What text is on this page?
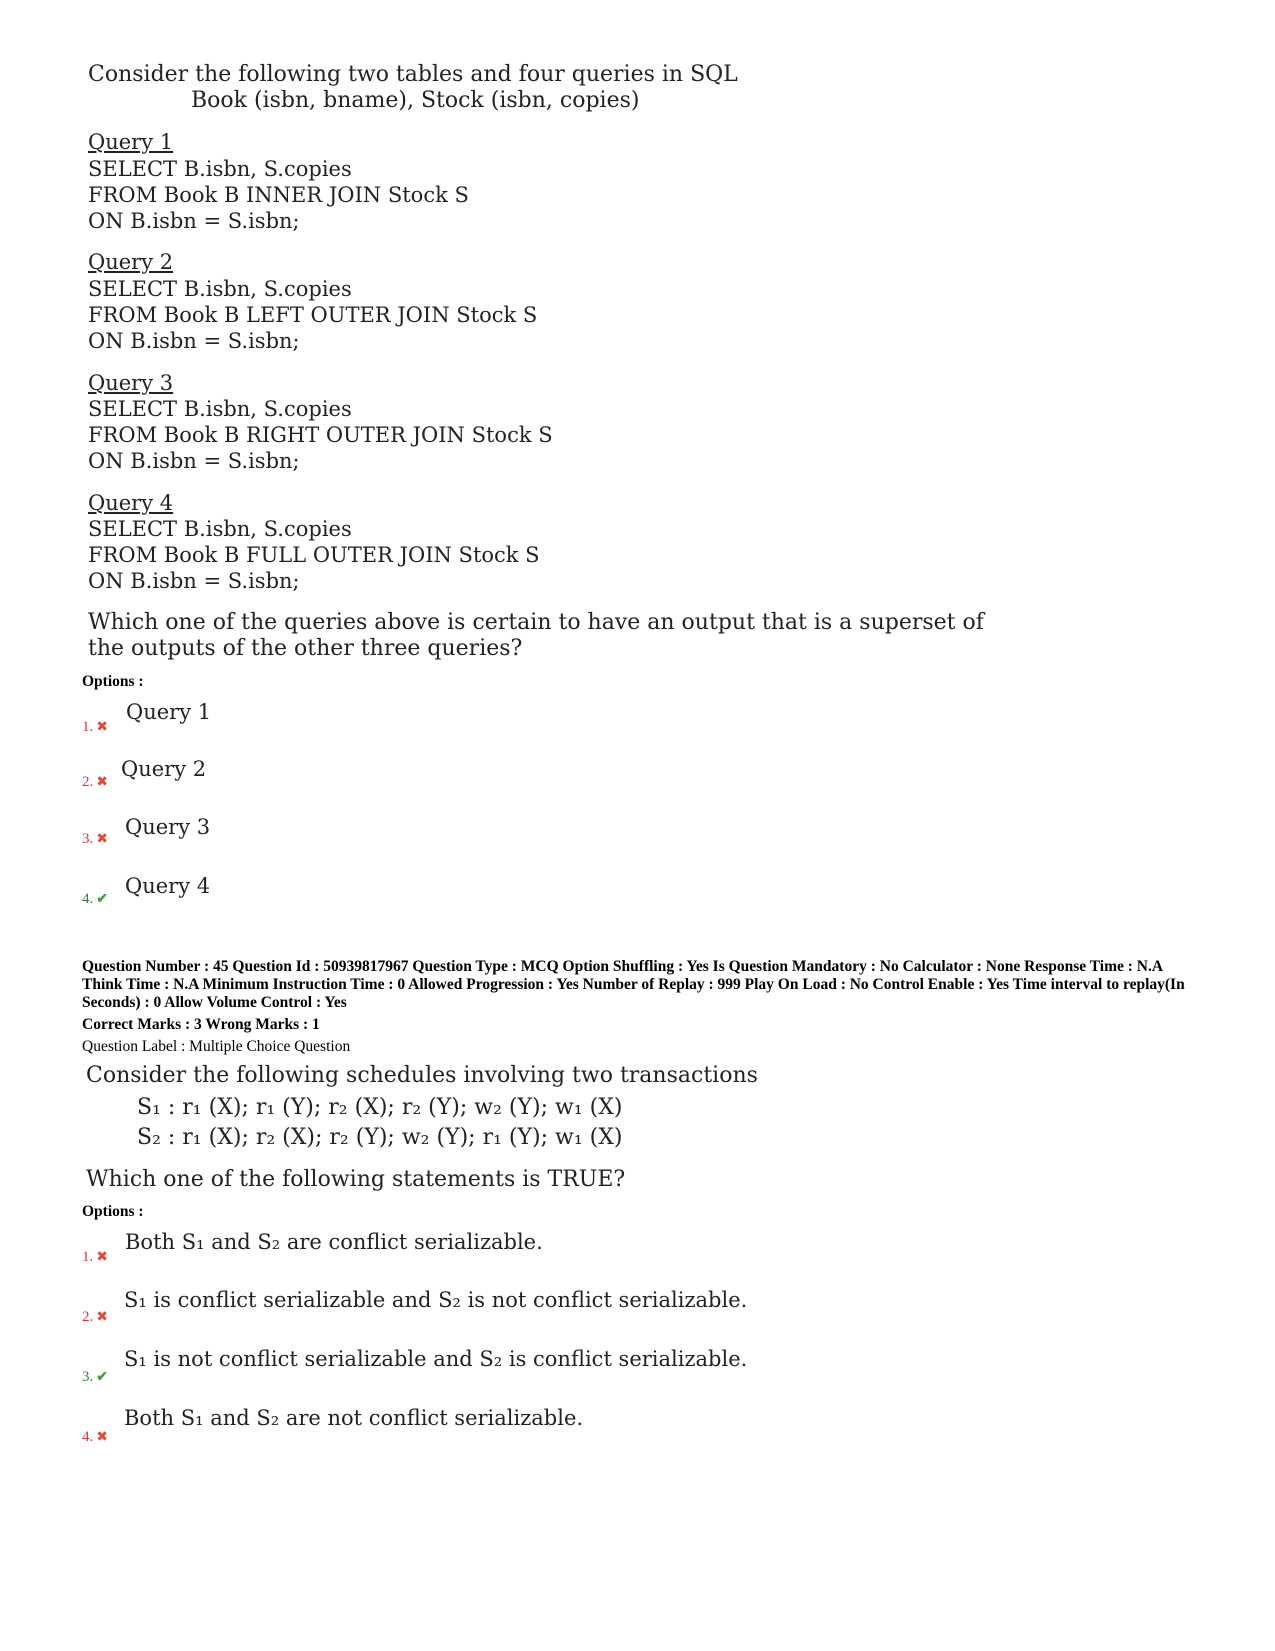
Consider the following two tables and four queries in SQL
Book (isbn, bname), Stock (isbn, copies)
Query 1
SELECT B.isbn, S.copies
FROM Book B INNER JOIN Stock S
ON B.isbn = S.isbn;
Query 2
SELECT B.isbn, S.copies
FROM Book B LEFT OUTER JOIN Stock S
ON B.isbn = S.isbn;
Query 3
SELECT B.isbn, S.copies
FROM Book B RIGHT OUTER JOIN Stock S
ON B.isbn = S.isbn;
Query 4
SELECT B.isbn, S.copies
FROM Book B FULL OUTER JOIN Stock S
ON B.isbn = S.isbn;
Which one of the queries above is certain to have an output that is a superset of
the outputs of the other three queries?
Options :
1. ✖
Query 1
2. ✖
Query 2
3. ✖
Query 3
4. ✔
Query 4
Question Number : 45 Question Id : 50939817967 Question Type : MCQ Option Shuffling : Yes Is Question Mandatory : No Calculator : None Response Time : N.A Think Time : N.A Minimum Instruction Time : 0 Allowed Progression : Yes Number of Replay : 999 Play On Load : No Control Enable : Yes Time interval to replay(In Seconds) : 0 Allow Volume Control : Yes
Correct Marks : 3 Wrong Marks : 1
Question Label : Multiple Choice Question
Consider the following schedules involving two transactions
S₁ : r₁ (X); r₁ (Y); r₂ (X); r₂ (Y); w₂ (Y); w₁ (X)
S₂ : r₁ (X); r₂ (X); r₂ (Y); w₂ (Y); r₁ (Y); w₁ (X)
Which one of the following statements is TRUE?
Options :
1. ✖
Both S₁ and S₂ are conflict serializable.
2. ✖
S₁ is conflict serializable and S₂ is not conflict serializable.
3. ✔
S₁ is not conflict serializable and S₂ is conflict serializable.
4. ✖
Both S₁ and S₂ are not conflict serializable.
